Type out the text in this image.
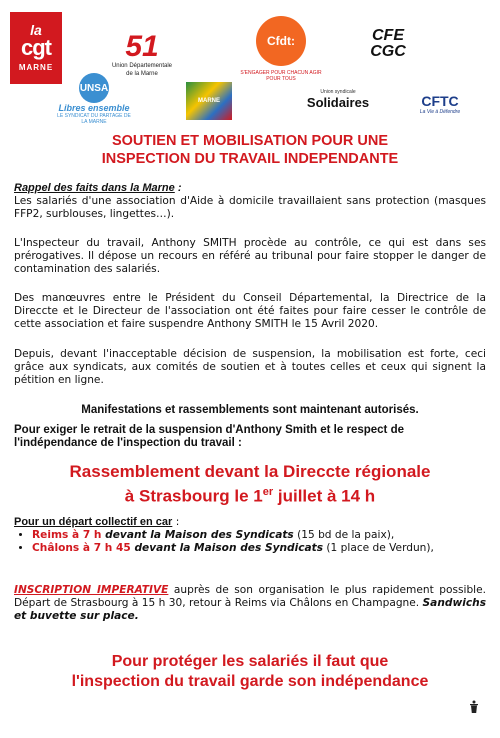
la
cgt
MARNE
51
Union Départementale de la Marne
Cfdt:
S'ENGAGER POUR CHACUN AGIR POUR TOUS
CFE
CGC
UNSA
Libres ensemble
LE SYNDICAT DU PARTAGE DE LA MARNE
MARNE
Union syndicale
Solidaires	CFTC
La Vie à Défendre
SOUTIEN ET MOBILISATION POUR UNE
INSPECTION DU TRAVAIL INDEPENDANTE
Rappel des faits dans la Marne :
Les salariés d'une association d'Aide à domicile travaillaient sans protection (masques FFP2, surblouses, lingettes…).
L'Inspecteur du travail, Anthony SMITH procède au contrôle, ce qui est dans ses prérogatives. Il dépose un recours en référé au tribunal pour faire stopper le danger de contamination des salariés.
Des manœuvres entre le Président du Conseil Départemental, la Directrice de la Direccte et le Directeur de l'association ont été faites pour faire cesser le contrôle de cette association et faire suspendre Anthony SMITH le 15 Avril 2020.
Depuis, devant l'inacceptable décision de suspension, la mobilisation est forte, ceci grâce aux syndicats, aux comités de soutien et à toutes celles et ceux qui signent la pétition en ligne.
Manifestations et rassemblements sont maintenant autorisés.
Pour exiger le retrait de la suspension d'Anthony Smith et le respect de l'indépendance de l'inspection du travail :
Rassemblement devant la Direccte régionale
à Strasbourg le 1er juillet à 14 h
Pour un départ collectif en car :
• Reims à 7 h devant la Maison des Syndicats (15 bd de la paix),
• Châlons à 7 h 45 devant la Maison des Syndicats (1 place de Verdun),
INSCRIPTION IMPERATIVE auprès de son organisation le plus rapidement possible. Départ de Strasbourg à 15 h 30, retour à Reims via Châlons en Champagne. Sandwichs et buvette sur place.
Pour protéger les salariés il faut que
l'inspection du travail garde son indépendance
